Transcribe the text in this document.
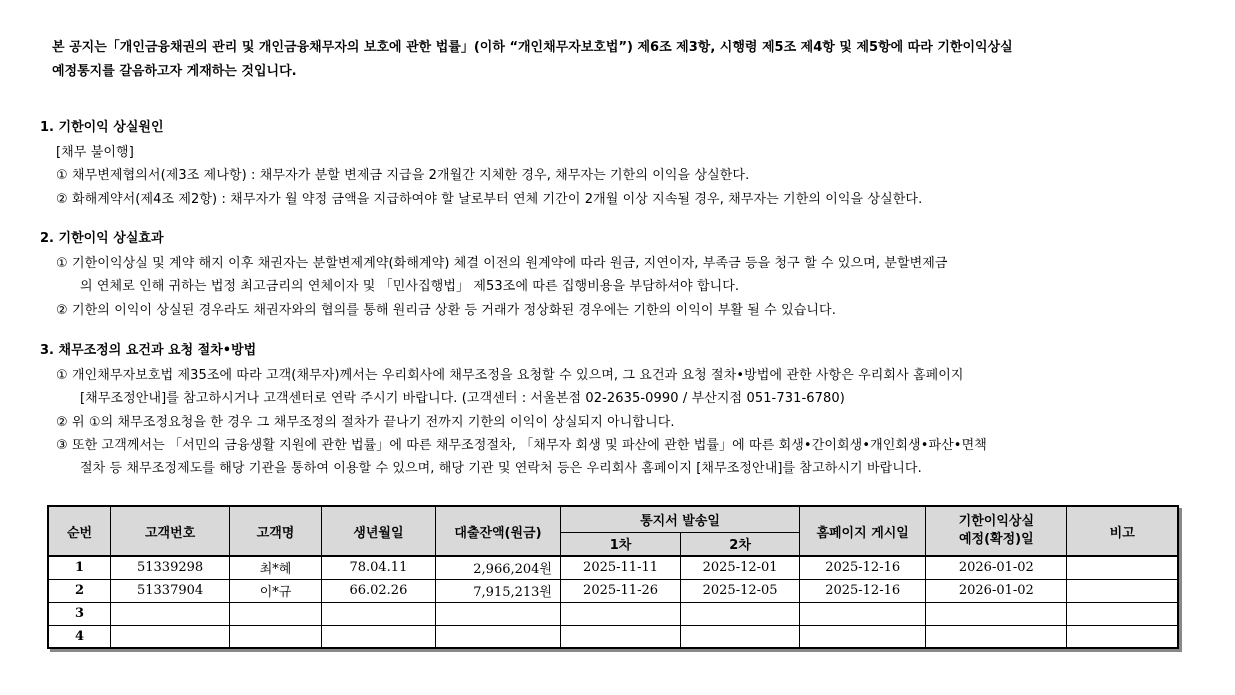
본 공지는「개인금융채권의 관리 및 개인금융채무자의 보호에 관한 법률」(이하 “개인채무자보호법”) 제6조 제3항, 시행령 제5조 제4항 및 제5항에 따라 기한이익상실
예정통지를 갈음하고자 게재하는 것입니다.
1. 기한이익 상실원인
[채무 불이행]
① 채무변제협의서(제3조 제나항) : 채무자가 분할 변제금 지급을 2개월간 지체한 경우, 채무자는 기한의 이익을 상실한다.
② 화해계약서(제4조 제2항) : 채무자가 월 약정 금액을 지급하여야 할 날로부터 연체 기간이 2개월 이상 지속될 경우, 채무자는 기한의 이익을 상실한다.
2. 기한이익 상실효과
① 기한이익상실 및 계약 해지 이후 채권자는 분할변제계약(화해계약) 체결 이전의 원계약에 따라 원금, 지연이자, 부족금 등을 청구 할 수 있으며, 분할변제금
의 연체로 인해 귀하는 법정 최고금리의 연체이자 및 「민사집행법」 제53조에 따른 집행비용을 부담하셔야 합니다.
② 기한의 이익이 상실된 경우라도 채권자와의 협의를 통해 원리금 상환 등 거래가 정상화된 경우에는 기한의 이익이 부활 될 수 있습니다.
3. 채무조정의 요건과 요청 절차•방법
① 개인채무자보호법 제35조에 따라 고객(채무자)께서는 우리회사에 채무조정을 요청할 수 있으며, 그 요건과 요청 절차•방법에 관한 사항은 우리회사 홈페이지
[채무조정안내]를 참고하시거나 고객센터로 연락 주시기 바랍니다. (고객센터 : 서울본점 02-2635-0990 / 부산지점 051-731-6780)
② 위 ①의 채무조정요청을 한 경우 그 채무조정의 절차가 끝나기 전까지 기한의 이익이 상실되지 아니합니다.
③ 또한 고객께서는 「서민의 금융생활 지원에 관한 법률」에 따른 채무조정절차, 「채무자 회생 및 파산에 관한 법률」에 따른 회생•간이회생•개인회생•파산•면책
절차 등 채무조정제도를 해당 기관을 통하여 이용할 수 있으며, 해당 기관 및 연락처 등은 우리회사 홈페이지 [채무조정안내]를 참고하시기 바랍니다.
순번	고객번호	고객명	생년월일	대출잔액(원금)	통지서 발송일		홈페이지 게시일	기한이익상실
예정(확정)일	비고
					1차	2차			
1	51339298	최*혜	78.04.11	2,966,204원	2025-11-11	2025-12-01	2025-12-16	2026-01-02	
2	51337904	이*규	66.02.26	7,915,213원	2025-11-26	2025-12-05	2025-12-16	2026-01-02	
3									
4									
